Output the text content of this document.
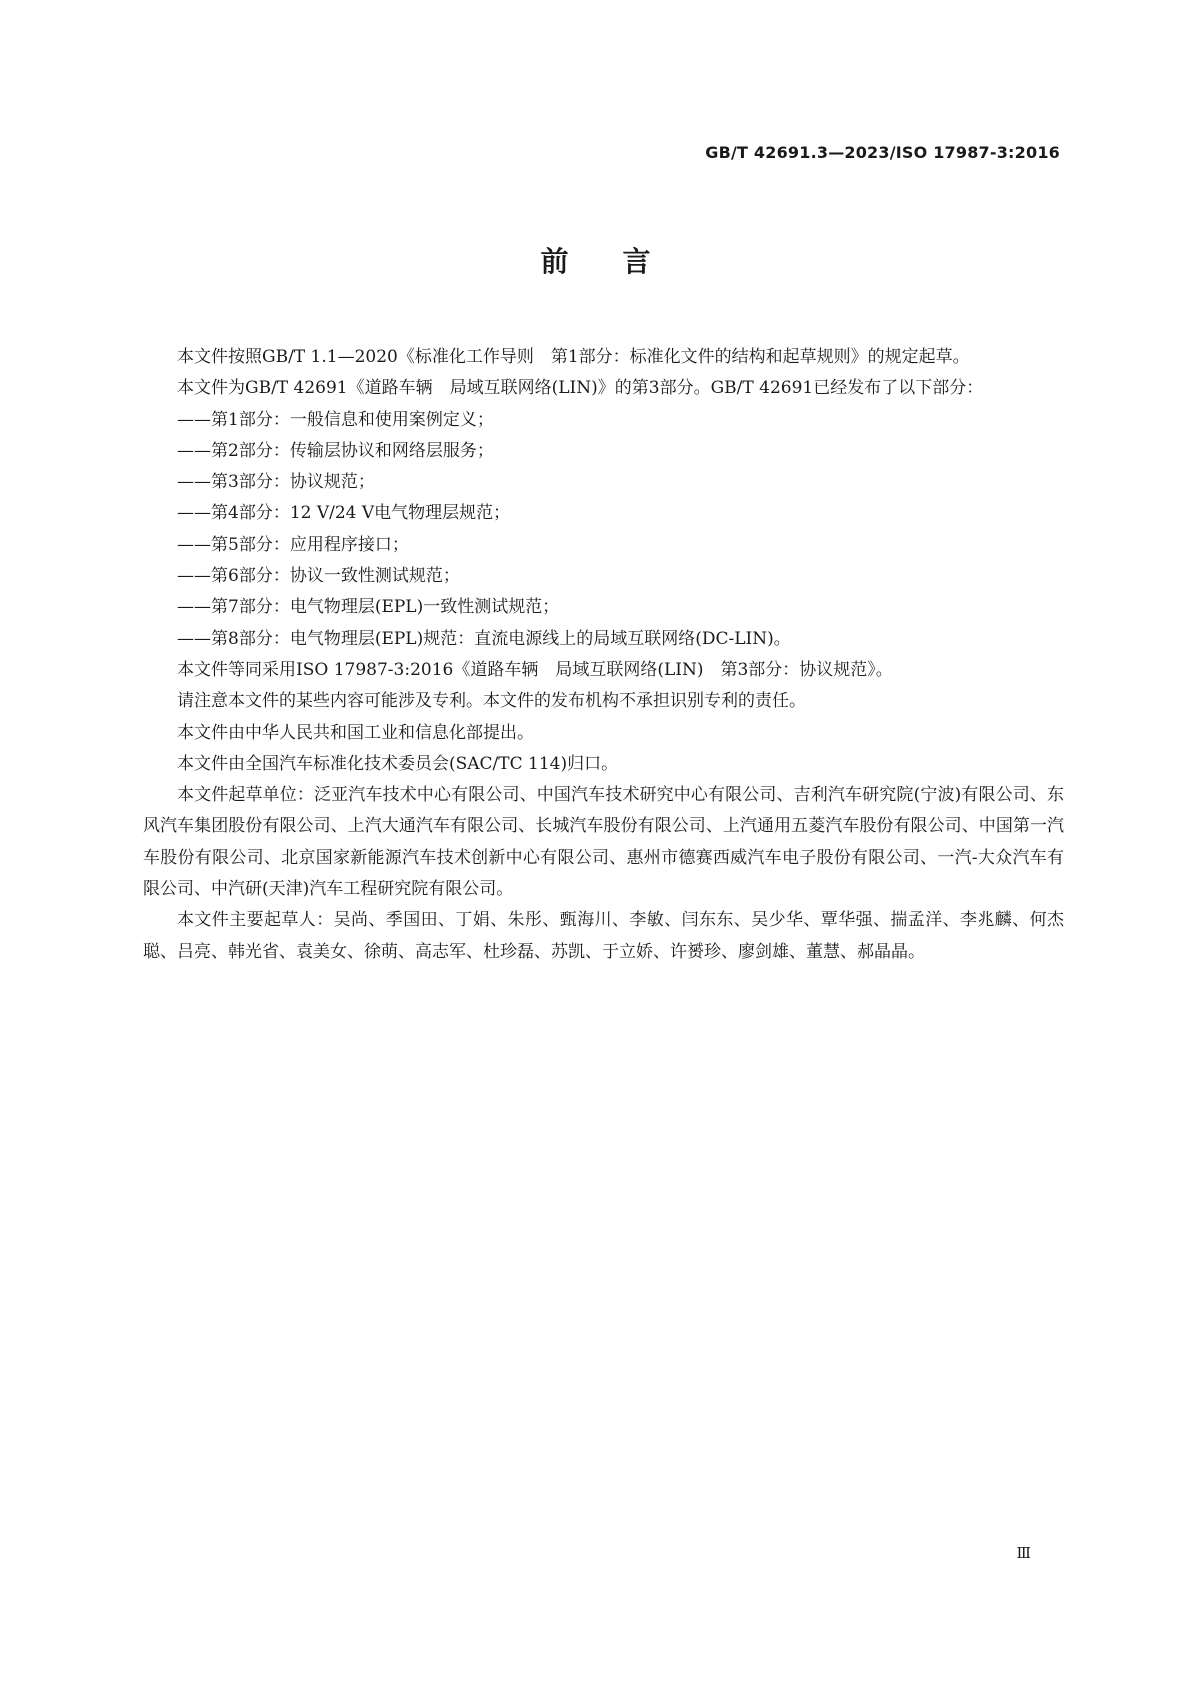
GB/T 42691.3—2023/ISO 17987-3:2016
前 言

本文件按照GB/T 1.1—2020《标准化工作导则　第1部分：标准化文件的结构和起草规则》的规定起草。

本文件为GB/T 42691《道路车辆　局域互联网络(LIN)》的第3部分。GB/T 42691已经发布了以下部分：

——第1部分：一般信息和使用案例定义；

——第2部分：传输层协议和网络层服务；

——第3部分：协议规范；

——第4部分：12 V/24 V电气物理层规范；

——第5部分：应用程序接口；

——第6部分：协议一致性测试规范；

——第7部分：电气物理层(EPL)一致性测试规范；

——第8部分：电气物理层(EPL)规范：直流电源线上的局域互联网络(DC-LIN)。

本文件等同采用ISO 17987-3:2016《道路车辆　局域互联网络(LIN)　第3部分：协议规范》。

请注意本文件的某些内容可能涉及专利。本文件的发布机构不承担识别专利的责任。

本文件由中华人民共和国工业和信息化部提出。

本文件由全国汽车标准化技术委员会(SAC/TC 114)归口。

本文件起草单位：泛亚汽车技术中心有限公司、中国汽车技术研究中心有限公司、吉利汽车研究院(宁波)有限公司、东风汽车集团股份有限公司、上汽大通汽车有限公司、长城汽车股份有限公司、上汽通用五菱汽车股份有限公司、中国第一汽车股份有限公司、北京国家新能源汽车技术创新中心有限公司、惠州市德赛西威汽车电子股份有限公司、一汽-大众汽车有限公司、中汽研(天津)汽车工程研究院有限公司。

本文件主要起草人：吴尚、季国田、丁娟、朱彤、甄海川、李敏、闫东东、吴少华、覃华强、揣孟洋、李兆麟、何杰聪、吕亮、韩光省、袁美女、徐萌、高志军、杜珍磊、苏凯、于立娇、许赟珍、廖剑雄、董慧、郝晶晶。

Ⅲ
